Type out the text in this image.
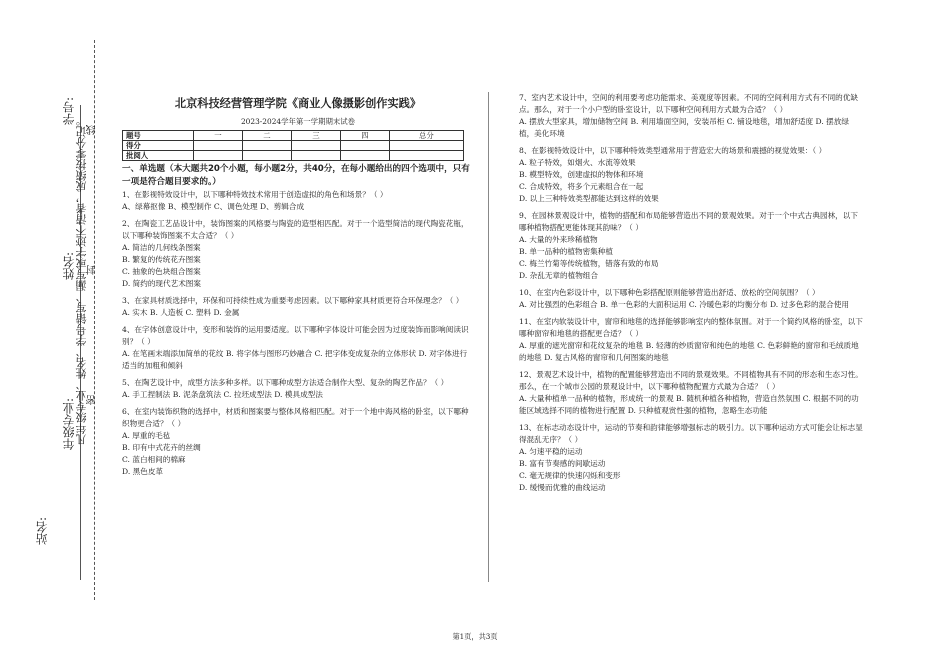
学号:
线
姓名: 封
凡年级专业、姓名、学号错写、漏写或字迹不清者，成绩按零分记。
年级专业: 密
站名:
北京科技经营管理学院《商业人像摄影创作实践》
2023-2024学年第一学期期末试卷
题号	一	二	三	四	总分
得分					
批阅人					
一、单选题（本大题共20个小题，每小题2分，共40分，在每小题给出的四个选项中，只有一项是符合题目要求的。）
1、在影视特效设计中，以下哪种特效技术常用于创造虚拟的角色和场景？（ ）
A、绿幕抠像 B、模型制作 C、调色处理 D、剪辑合成
2、在陶瓷工艺品设计中，装饰图案的风格要与陶瓷的造型相匹配。对于一个造型简洁的现代陶瓷花瓶，以下哪种装饰图案不太合适？（ ）
A. 简洁的几何线条图案
B. 繁复的传统花卉图案
C. 抽象的色块组合图案
D. 简约的现代艺术图案
3、在家具材质选择中，环保和可持续性成为重要考虑因素。以下哪种家具材质更符合环保理念？（ ）
A. 实木 B. 人造板 C. 塑料 D. 金属
4、在字体创意设计中，变形和装饰的运用要适度。以下哪种字体设计可能会因为过度装饰而影响阅读识别？（ ）
A. 在笔画末端添加简单的花纹 B. 将字体与图形巧妙融合 C. 把字体变成复杂的立体形状 D. 对字体进行适当的加粗和倾斜
5、在陶艺设计中，成型方法多种多样。以下哪种成型方法适合制作大型、复杂的陶艺作品？（ ）
A. 手工捏制法 B. 泥条盘筑法 C. 拉坯成型法 D. 模具成型法
6、在室内装饰织物的选择中，材质和图案要与整体风格相匹配。对于一个地中海风格的卧室，以下哪种织物更合适？（ ）
A. 厚重的毛毡
B. 印有中式花卉的丝绸
C. 蓝白相间的棉麻
D. 黑色皮革
7、室内艺术设计中，空间的利用要考虑功能需求、美观度等因素。不同的空间利用方式有不同的优缺点。那么，对于一个小户型的卧室设计，以下哪种空间利用方式最为合适？（ ）
A. 摆放大型家具，增加储物空间 B. 利用墙面空间，安装吊柜 C. 铺设地毯，增加舒适度 D. 摆放绿植，美化环境
8、在影视特效设计中，以下哪种特效类型通常用于营造宏大的场景和震撼的视觉效果：（ ）
A. 粒子特效，如烟火、水流等效果
B. 模型特效，创建虚拟的物体和环境
C. 合成特效，将多个元素组合在一起
D. 以上三种特效类型都能达到这样的效果
9、在园林景观设计中，植物的搭配和布局能够营造出不同的景观效果。对于一个中式古典园林，以下哪种植物搭配更能体现其韵味？（ ）
A. 大量的外来珍稀植物
B. 单一品种的植物密集种植
C. 梅兰竹菊等传统植物，错落有致的布局
D. 杂乱无章的植物组合
10、在室内色彩设计中，以下哪种色彩搭配原则能够营造出舒适、放松的空间氛围？（ ）
A. 对比强烈的色彩组合 B. 单一色彩的大面积运用 C. 冷暖色彩的均衡分布 D. 过多色彩的混合使用
11、在室内软装设计中，窗帘和地毯的选择能够影响室内的整体氛围。对于一个简约风格的卧室，以下哪种窗帘和地毯的搭配更合适？（ ）
A. 厚重的遮光窗帘和花纹复杂的地毯 B. 轻薄的纱质窗帘和纯色的地毯 C. 色彩鲜艳的窗帘和毛绒质地的地毯 D. 复古风格的窗帘和几何图案的地毯
12、景观艺术设计中，植物的配置能够营造出不同的景观效果。不同植物具有不同的形态和生态习性。那么，在一个城市公园的景观设计中，以下哪种植物配置方式最为合适？（ ）
A. 大量种植单一品种的植物，形成统一的景观 B. 随机种植各种植物，营造自然氛围 C. 根据不同的功能区域选择不同的植物进行配置 D. 只种植观赏性强的植物，忽略生态功能
13、在标志动态设计中，运动的节奏和韵律能够增强标志的吸引力。以下哪种运动方式可能会让标志显得混乱无序？（ ）
A. 匀速平稳的运动
B. 富有节奏感的间歇运动
C. 毫无规律的快速闪烁和变形
D. 缓慢而优雅的曲线运动
第1页，共3页
